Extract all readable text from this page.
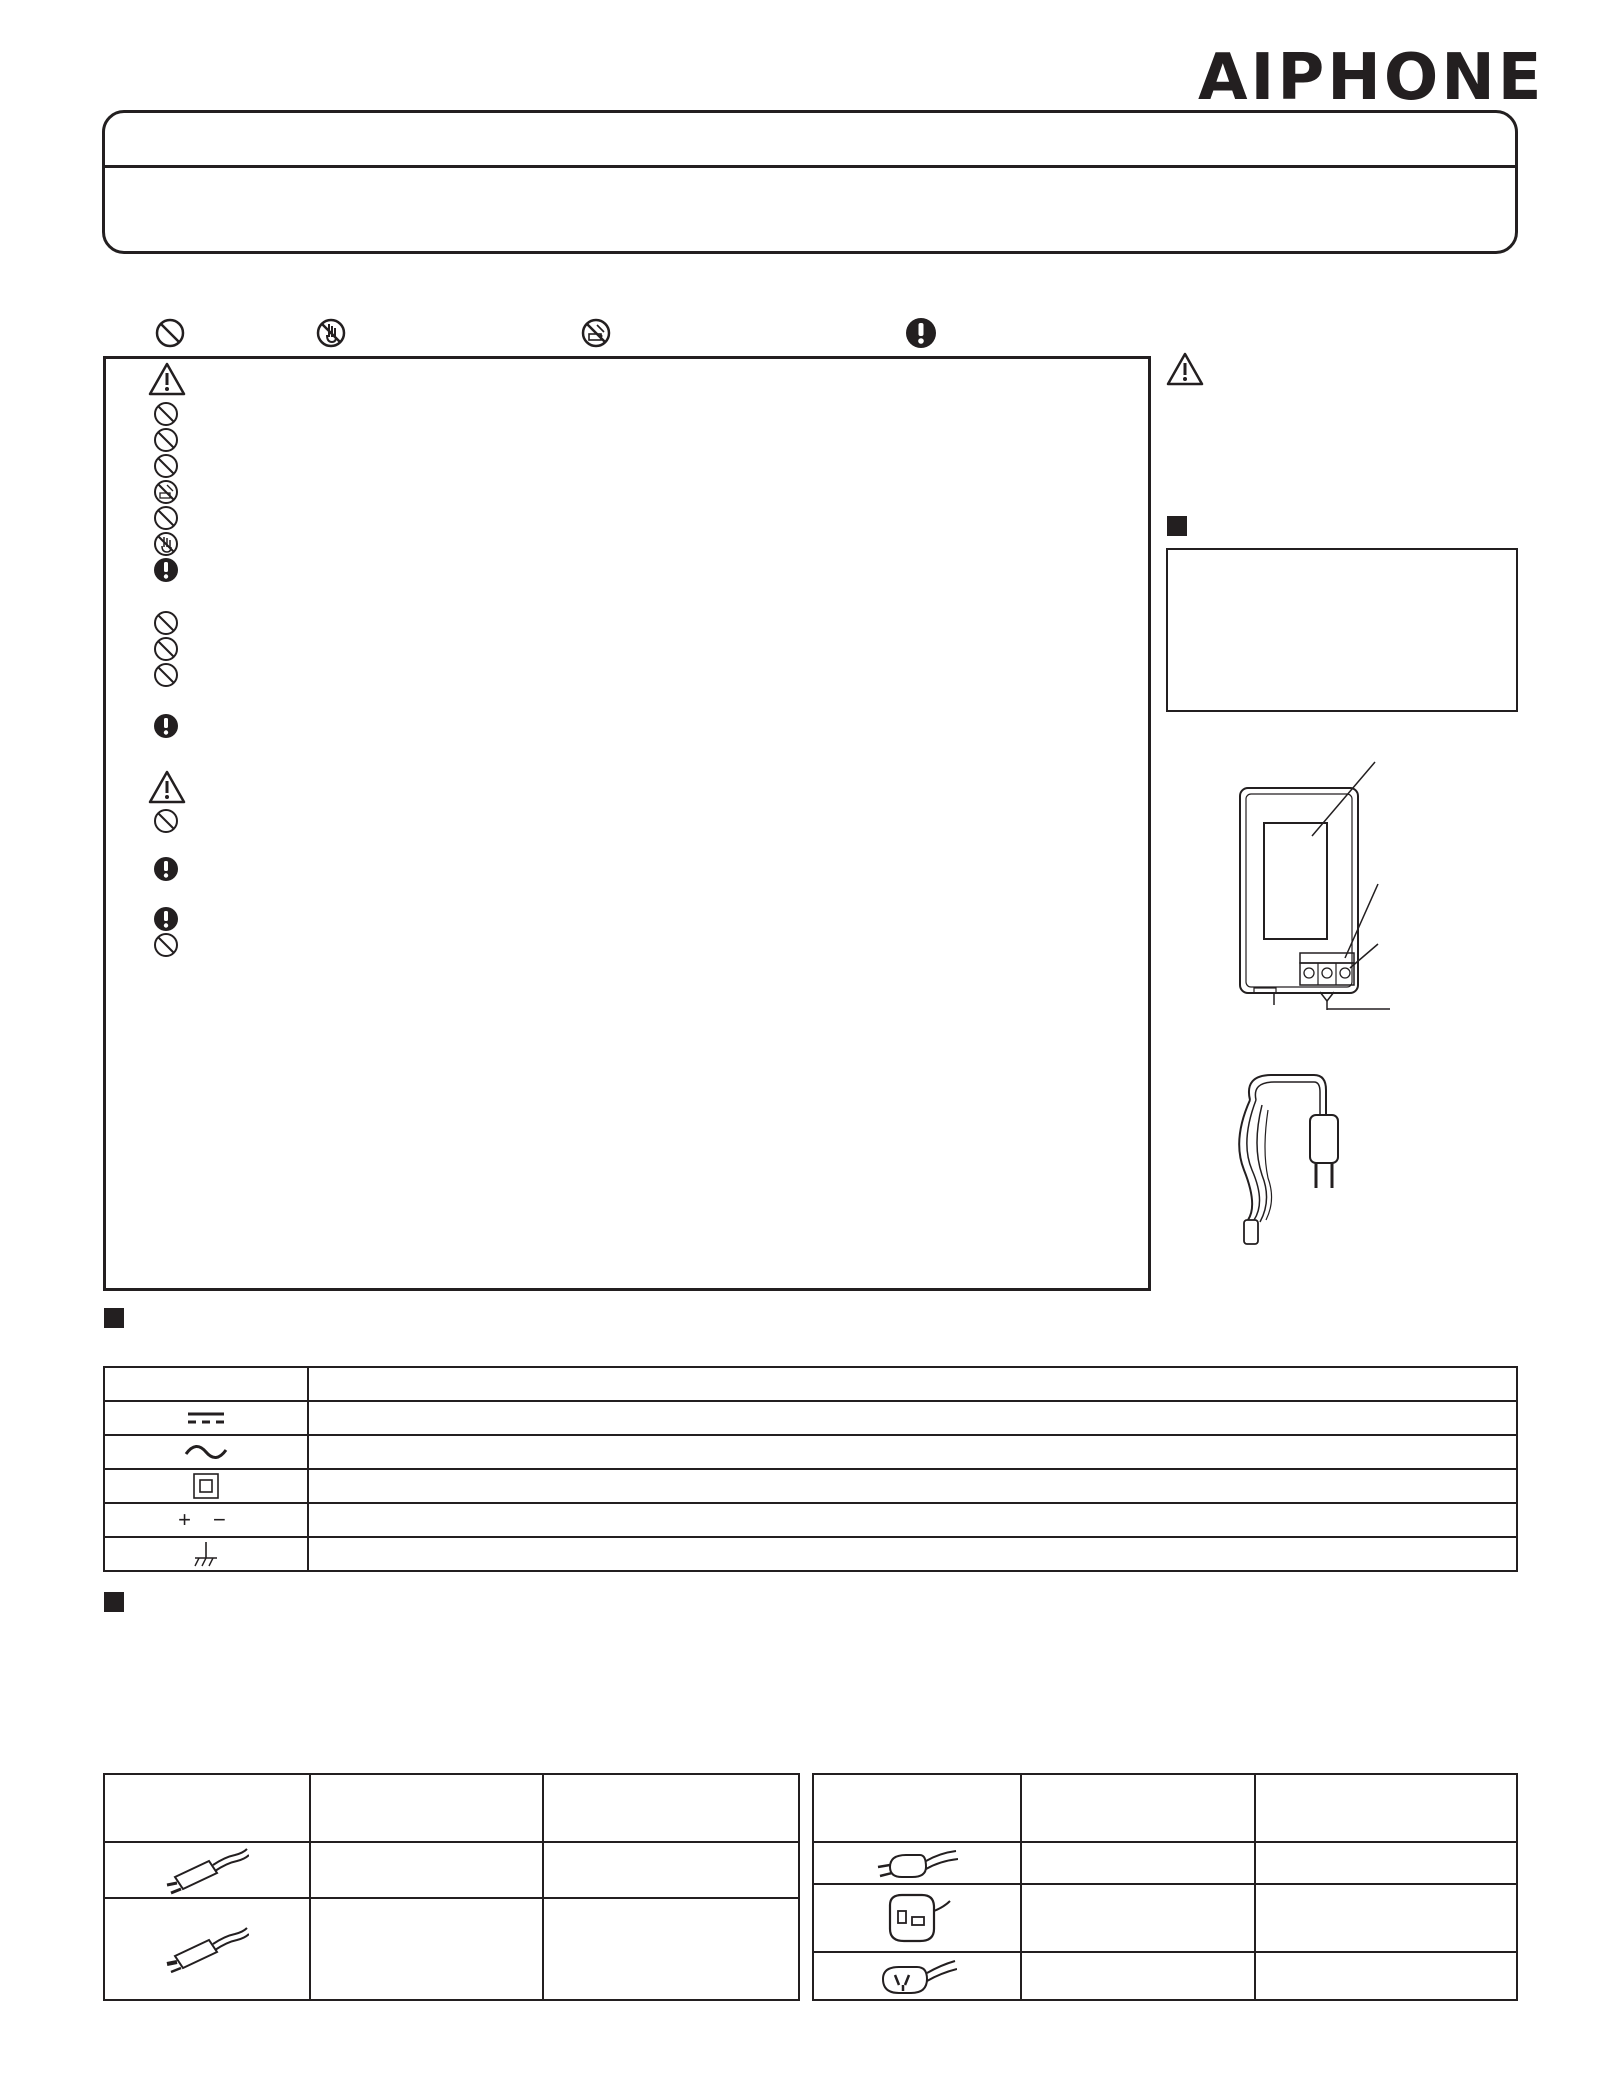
AIPHONE

+ −	
